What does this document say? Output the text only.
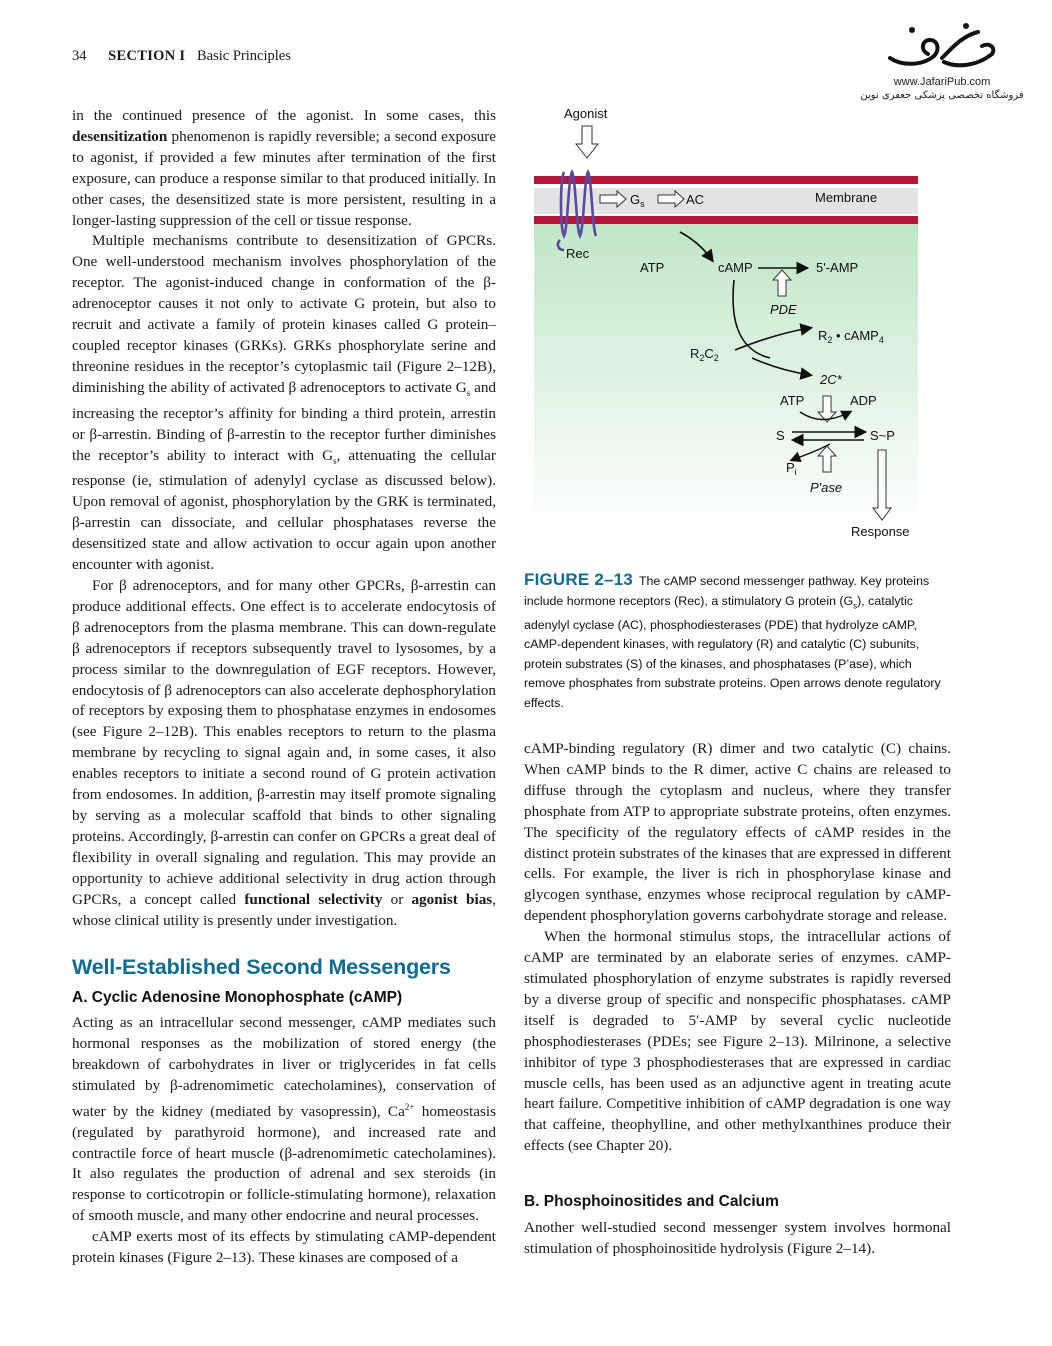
34 SECTION I Basic Principles
www.JafariPub.com
فروشگاه تخصصی پزشکی جعفری نوین

in the continued presence of the agonist. In some cases, this desensitization phenomenon is rapidly reversible; a second exposure to agonist, if provided a few minutes after termination of the first exposure, can produce a response similar to that produced initially. In other cases, the desensitized state is more persistent, resulting in a longer-lasting suppression of the cell or tissue response.

Multiple mechanisms contribute to desensitization of GPCRs. One well-understood mechanism involves phosphorylation of the receptor. The agonist-induced change in conformation of the β-adrenoceptor causes it not only to activate G protein, but also to recruit and activate a family of protein kinases called G protein–coupled receptor kinases (GRKs). GRKs phosphorylate serine and threonine residues in the receptor’s cytoplasmic tail (Figure 2–12B), diminishing the ability of activated β adrenoceptors to activate $G_s$ and increasing the receptor’s affinity for binding a third protein, arrestin or β-arrestin. Binding of β-arrestin to the receptor further diminishes the receptor’s ability to interact with $G_s$, attenuating the cellular response (ie, stimulation of adenylyl cyclase as discussed below). Upon removal of agonist, phosphorylation by the GRK is terminated, β-arrestin can dissociate, and cellular phosphatases reverse the desensitized state and allow activation to occur again upon another encounter with agonist.

For β adrenoceptors, and for many other GPCRs, β-arrestin can produce additional effects. One effect is to accelerate endocytosis of β adrenoceptors from the plasma membrane. This can down-regulate β adrenoceptors if receptors subsequently travel to lysosomes, by a process similar to the downregulation of EGF receptors. However, endocytosis of β adrenoceptors can also accelerate dephosphorylation of receptors by exposing them to phosphatase enzymes in endosomes (see Figure 2–12B). This enables receptors to return to the plasma membrane by recycling to signal again and, in some cases, it also enables receptors to initiate a second round of G protein activation from endosomes. In addition, β-arrestin may itself promote signaling by serving as a molecular scaffold that binds to other signaling proteins. Accordingly, β-arrestin can confer on GPCRs a great deal of flexibility in overall signaling and regulation. This may provide an opportunity to achieve additional selectivity in drug action through GPCRs, a concept called functional selectivity or agonist bias, whose clinical utility is presently under investigation.

Well-Established Second Messengers
A. Cyclic Adenosine Monophosphate (cAMP)

Acting as an intracellular second messenger, cAMP mediates such hormonal responses as the mobilization of stored energy (the breakdown of carbohydrates in liver or triglycerides in fat cells stimulated by β-adrenomimetic catecholamines), conservation of water by the kidney (mediated by vasopressin), $Ca^{2+}$ homeostasis (regulated by parathyroid hormone), and increased rate and contractile force of heart muscle (β-adrenomimetic catecholamines). It also regulates the production of adrenal and sex steroids (in response to corticotropin or follicle-stimulating hormone), relaxation of smooth muscle, and many other endocrine and neural processes.

cAMP exerts most of its effects by stimulating cAMP-dependent protein kinases (Figure 2–13). These kinases are composed of a

Agonist
Rec
$G_s$	AC	Membrane
ATP	cAMP	5'-AMP
PDE
$R_2C_2$
$R_2$ • cAMP$_4$
2C*
ATP	ADP
S	S~P
$P_i$
P'ase
Response
FIGURE 2–13 The cAMP second messenger pathway. Key proteins include hormone receptors (Rec), a stimulatory G protein $(G_s)$, catalytic adenylyl cyclase (AC), phosphodiesterases (PDE) that hydrolyze cAMP, cAMP-dependent kinases, with regulatory (R) and catalytic (C) subunits, protein substrates (S) of the kinases, and phosphatases (P’ase), which remove phosphates from substrate proteins. Open arrows denote regulatory effects.

cAMP-binding regulatory (R) dimer and two catalytic (C) chains. When cAMP binds to the R dimer, active C chains are released to diffuse through the cytoplasm and nucleus, where they transfer phosphate from ATP to appropriate substrate proteins, often enzymes. The specificity of the regulatory effects of cAMP resides in the distinct protein substrates of the kinases that are expressed in different cells. For example, the liver is rich in phosphorylase kinase and glycogen synthase, enzymes whose reciprocal regulation by cAMP-dependent phosphorylation governs carbohydrate storage and release.

When the hormonal stimulus stops, the intracellular actions of cAMP are terminated by an elaborate series of enzymes. cAMP-stimulated phosphorylation of enzyme substrates is rapidly reversed by a diverse group of specific and nonspecific phosphatases. cAMP itself is degraded to 5′-AMP by several cyclic nucleotide phosphodiesterases (PDEs; see Figure 2–13). Milrinone, a selective inhibitor of type 3 phosphodiesterases that are expressed in cardiac muscle cells, has been used as an adjunctive agent in treating acute heart failure. Competitive inhibition of cAMP degradation is one way that caffeine, theophylline, and other methylxanthines produce their effects (see Chapter 20).

B. Phosphoinositides and Calcium

Another well-studied second messenger system involves hormonal stimulation of phosphoinositide hydrolysis (Figure 2–14).
